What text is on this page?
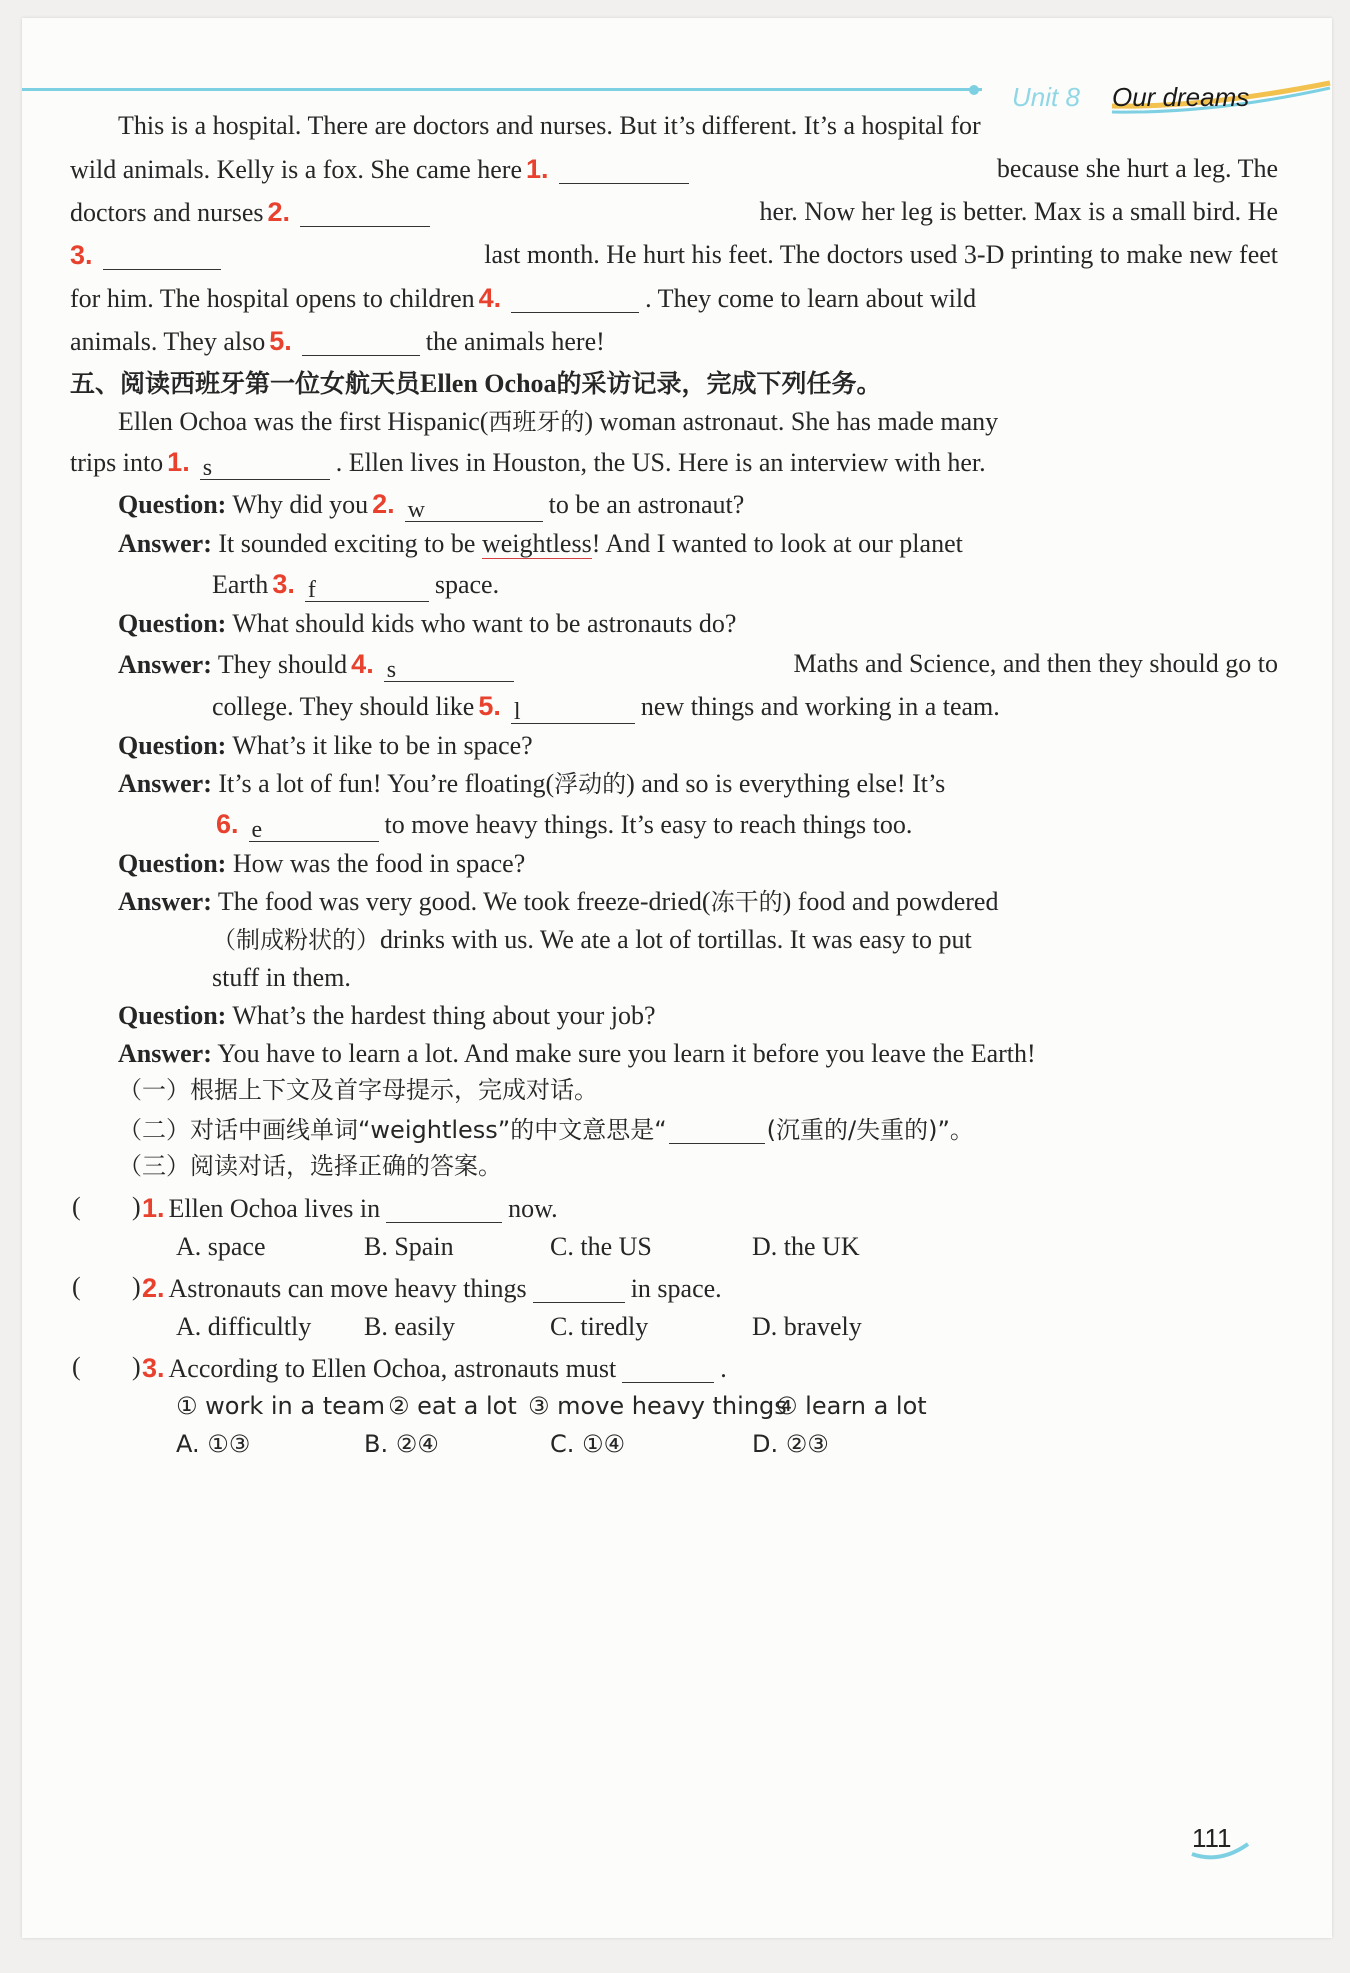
Unit 8 Our dreams
This is a hospital. There are doctors and nurses. But it’s different. It’s a hospital for
wild animals. Kelly is a fox. She came here 1.	because she hurt a leg. The
doctors and nurses 2.	her. Now her leg is better. Max is a small bird. He
3.	last month. He hurt his feet. The doctors used 3-D printing to make new feet
for him. The hospital opens to children 4.	. They come to learn about wild
animals. They also 5.	the animals here!
五、阅读西班牙第一位女航天员Ellen Ochoa的采访记录，完成下列任务。
Ellen Ochoa was the first Hispanic(西班牙的) woman astronaut. She has made many
trips into 1. s	. Ellen lives in Houston, the US. Here is an interview with her.
Question: Why did you 2. w	to be an astronaut?
Answer: It sounded exciting to be weightless! And I wanted to look at our planet
Earth 3. f	space.
Question: What should kids who want to be astronauts do?
Answer: They should 4. s	Maths and Science, and then they should go to
college. They should like 5. l	new things and working in a team.
Question: What’s it like to be in space?
Answer: It’s a lot of fun! You’re floating(浮动的) and so is everything else! It’s
6. e	to move heavy things. It’s easy to reach things too.
Question: How was the food in space?
Answer: The food was very good. We took freeze-dried(冻干的) food and powdered
（制成粉状的）drinks with us. We ate a lot of tortillas. It was easy to put
stuff in them.
Question: What’s the hardest thing about your job?
Answer: You have to learn a lot. And make sure you learn it before you leave the Earth!
（一）根据上下文及首字母提示，完成对话。
（二）对话中画线单词“weightless”的中文意思是“	(沉重的/失重的)”。
（三）阅读对话，选择正确的答案。
( ) 1. Ellen Ochoa lives in	now.
A. space	B. Spain	C. the US	D. the UK
( ) 2. Astronauts can move heavy things	in space.
A. difficultly B. easily	C. tiredly	D. bravely
( ) 3. According to Ellen Ochoa, astronauts must	.
① work in a team ② eat a lot ③ move heavy things
④ learn a lot
A. ①③	B. ②④	C. ①④	D. ②③
111
